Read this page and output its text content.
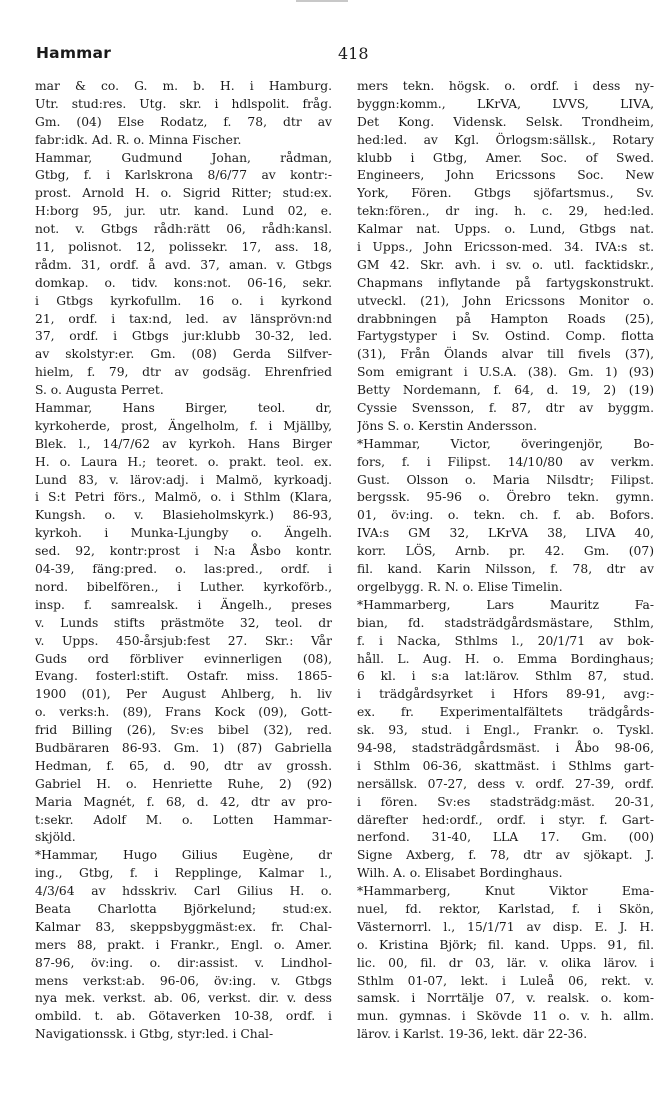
Hammar	418
mar & co. G. m. b. H. i Hamburg.
Utr. stud:res. Utg. skr. i hdlspolit. fråg.
Gm. (04) Else Rodatz, f. 78, dtr av
fabr:idk. Ad. R. o. Minna Fischer.
Hammar, Gudmund Johan, rådman,
Gtbg, f. i Karlskrona 8/6/77 av kontr:-
prost. Arnold H. o. Sigrid Ritter; stud:ex.
H:borg 95, jur. utr. kand. Lund 02, e.
not. v. Gtbgs rådh:rätt 06, rådh:kansl.
11, polisnot. 12, polissekr. 17, ass. 18,
rådm. 31, ordf. å avd. 37, aman. v. Gtbgs
domkap. o. tidv. kons:not. 06-16, sekr.
i Gtbgs kyrkofullm. 16 o. i kyrkond
21, ordf. i tax:nd, led. av länsprövn:nd
37, ordf. i Gtbgs jur:klubb 30-32, led.
av skolstyr:er. Gm. (08) Gerda Silfver-
hielm, f. 79, dtr av godsäg. Ehrenfried
S. o. Augusta Perret.
Hammar, Hans Birger, teol. dr,
kyrkoherde, prost, Ängelholm, f. i Mjällby,
Blek. l., 14/7/62 av kyrkoh. Hans Birger
H. o. Laura H.; teoret. o. prakt. teol. ex.
Lund 83, v. lärov:adj. i Malmö, kyrkoadj.
i S:t Petri förs., Malmö, o. i Sthlm (Klara,
Kungsh. o. v. Blasieholmskyrk.) 86-93,
kyrkoh. i Munka-Ljungby o. Ängelh.
sed. 92, kontr:prost i N:a Åsbo kontr.
04-39, fäng:pred. o. las:pred., ordf. i
nord. bibelfören., i Luther. kyrkoförb.,
insp. f. samrealsk. i Ängelh., preses
v. Lunds stifts prästmöte 32, teol. dr
v. Upps. 450-årsjub:fest 27. Skr.: Vår
Guds ord förbliver evinnerligen (08),
Evang. fosterl:stift. Ostafr. miss. 1865-
1900 (01), Per August Ahlberg, h. liv
o. verks:h. (89), Frans Kock (09), Gott-
frid Billing (26), Sv:es bibel (32), red.
Budbäraren 86-93. Gm. 1) (87) Gabriella
Hedman, f. 65, d. 90, dtr av grossh.
Gabriel H. o. Henriette Ruhe, 2) (92)
Maria Magnét, f. 68, d. 42, dtr av pro-
t:sekr. Adolf M. o. Lotten Hammar-
skjöld.
*Hammar, Hugo Gilius Eugène, dr
ing., Gtbg, f. i Repplinge, Kalmar l.,
4/3/64 av hdsskriv. Carl Gilius H. o.
Beata Charlotta Björkelund; stud:ex.
Kalmar 83, skeppsbyggmäst:ex. fr. Chal-
mers 88, prakt. i Frankr., Engl. o. Amer.
87-96, öv:ing. o. dir:assist. v. Lindhol-
mens verkst:ab. 96-06, öv:ing. v. Gtbgs
nya mek. verkst. ab. 06, verkst. dir. v. dess
ombild. t. ab. Götaverken 10-38, ordf. i
Navigationssk. i Gtbg, styr:led. i Chal-
mers tekn. högsk. o. ordf. i dess ny-
byggn:komm., LKrVA, LVVS, LIVA,
Det Kong. Vidensk. Selsk. Trondheim,
hed:led. av Kgl. Örlogsm:sällsk., Rotary
klubb i Gtbg, Amer. Soc. of Swed.
Engineers, John Ericssons Soc. New
York, Fören. Gtbgs sjöfartsmus., Sv.
tekn:fören., dr ing. h. c. 29, hed:led.
Kalmar nat. Upps. o. Lund, Gtbgs nat.
i Upps., John Ericsson-med. 34. IVA:s st.
GM 42. Skr. avh. i sv. o. utl. facktidskr.,
Chapmans inflytande på fartygskonstrukt.
utveckl. (21), John Ericssons Monitor o.
drabbningen på Hampton Roads (25),
Fartygstyper i Sv. Ostind. Comp. flotta
(31), Från Ölands alvar till fivels (37),
Som emigrant i U.S.A. (38). Gm. 1) (93)
Betty Nordemann, f. 64, d. 19, 2) (19)
Cyssie Svensson, f. 87, dtr av byggm.
Jöns S. o. Kerstin Andersson.
*Hammar, Victor, överingenjör, Bo-
fors, f. i Filipst. 14/10/80 av verkm.
Gust. Olsson o. Maria Nilsdtr; Filipst.
bergssk. 95-96 o. Örebro tekn. gymn.
01, öv:ing. o. tekn. ch. f. ab. Bofors.
IVA:s GM 32, LKrVA 38, LIVA 40,
korr. LÖS, Arnb. pr. 42. Gm. (07)
fil. kand. Karin Nilsson, f. 78, dtr av
orgelbygg. R. N. o. Elise Timelin.
*Hammarberg, Lars Mauritz Fa-
bian, fd. stadsträdgårdsmästare, Sthlm,
f. i Nacka, Sthlms l., 20/1/71 av bok-
håll. L. Aug. H. o. Emma Bordinghaus;
6 kl. i s:a lat:lärov. Sthlm 87, stud.
i trädgårdsyrket i Hfors 89-91, avg:-
ex. fr. Experimentalfältets trädgårds-
sk. 93, stud. i Engl., Frankr. o. Tyskl.
94-98, stadsträdgårdsmäst. i Åbo 98-06,
i Sthlm 06-36, skattmäst. i Sthlms gart-
nersällsk. 07-27, dess v. ordf. 27-39, ordf.
i fören. Sv:es stadsträdg:mäst. 20-31,
därefter hed:ordf., ordf. i styr. f. Gart-
nerfond. 31-40, LLA 17. Gm. (00)
Signe Axberg, f. 78, dtr av sjökapt. J.
Wilh. A. o. Elisabet Bordinghaus.
*Hammarberg, Knut Viktor Ema-
nuel, fd. rektor, Karlstad, f. i Skön,
Västernorrl. l., 15/1/71 av disp. E. J. H.
o. Kristina Björk; fil. kand. Upps. 91, fil.
lic. 00, fil. dr 03, lär. v. olika lärov. i
Sthlm 01-07, lekt. i Luleå 06, rekt. v.
samsk. i Norrtälje 07, v. realsk. o. kom-
mun. gymnas. i Skövde 11 o. v. h. allm.
lärov. i Karlst. 19-36, lekt. där 22-36.
